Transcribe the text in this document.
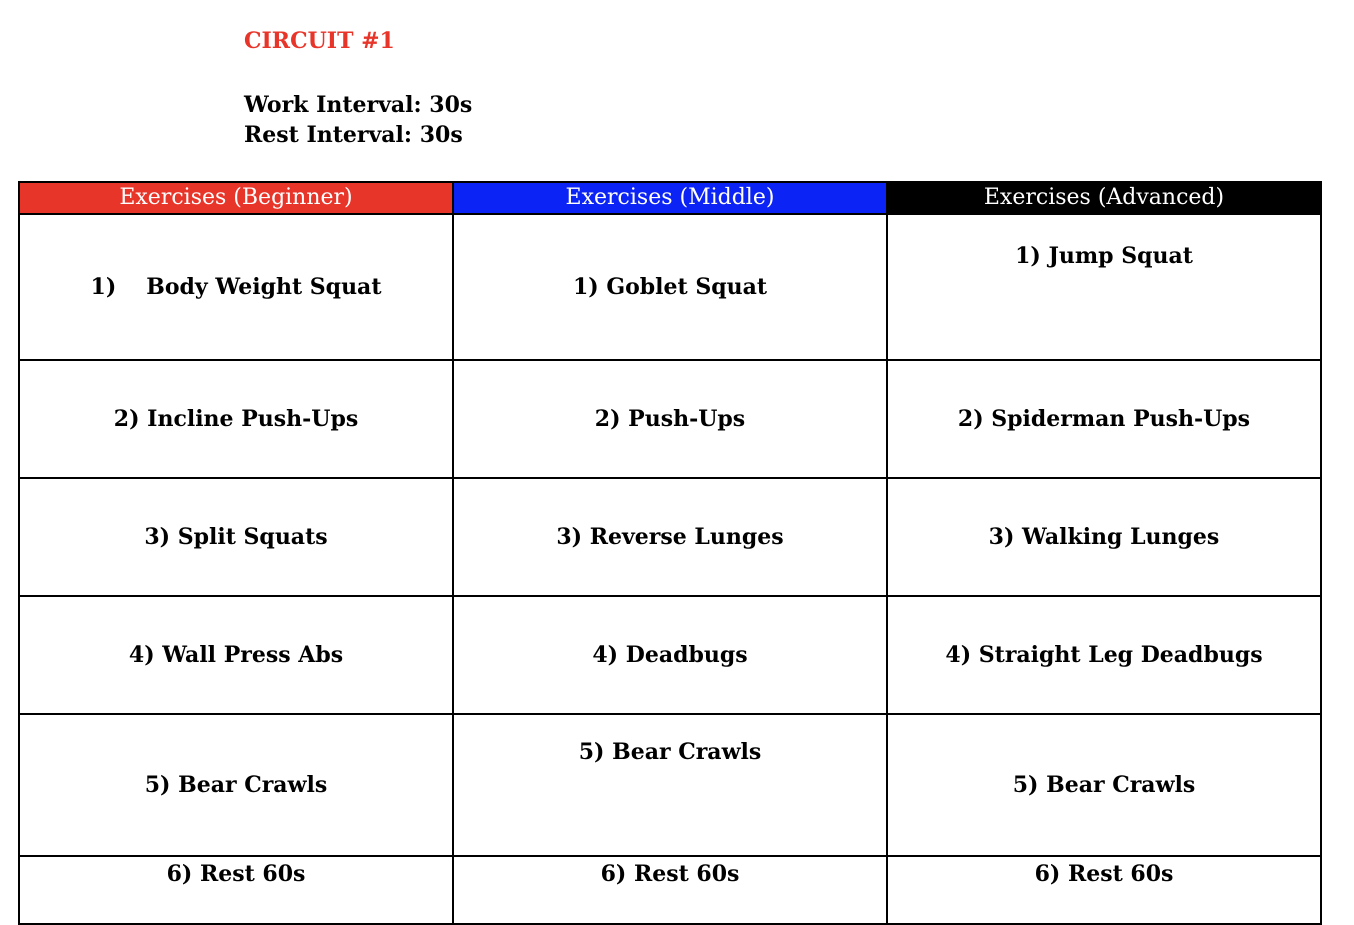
CIRCUIT #1
Work Interval: 30s
Rest Interval: 30s
Exercises (Beginner)	Exercises (Middle)	Exercises (Advanced)
1) Body Weight Squat	1) Goblet Squat	1) Jump Squat
2) Incline Push-Ups	2) Push-Ups	2) Spiderman Push-Ups
3) Split Squats	3) Reverse Lunges	3) Walking Lunges
4) Wall Press Abs	4) Deadbugs	4) Straight Leg Deadbugs
5) Bear Crawls	5) Bear Crawls	5) Bear Crawls
6) Rest 60s	6) Rest 60s	6) Rest 60s
